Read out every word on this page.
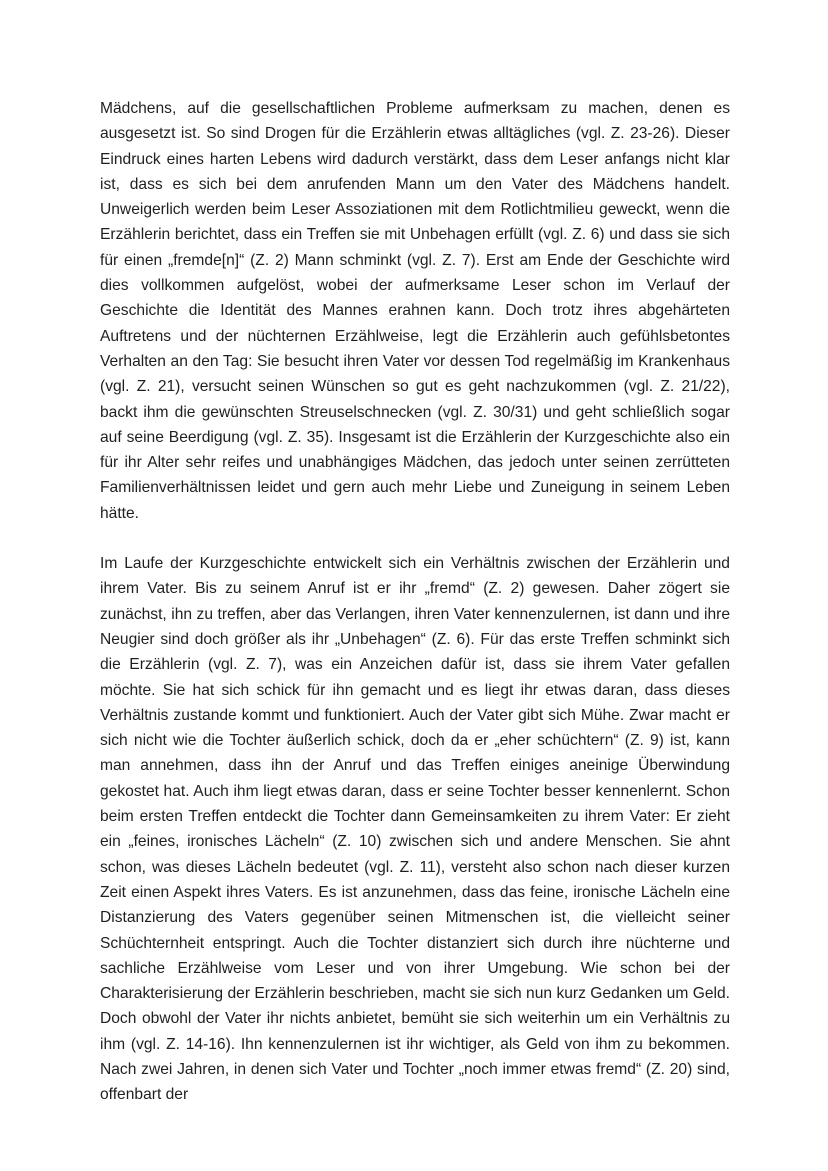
Mädchens, auf die gesellschaftlichen Probleme aufmerksam zu machen, denen es ausgesetzt ist. So sind Drogen für die Erzählerin etwas alltägliches (vgl. Z. 23-26). Dieser Eindruck eines harten Lebens wird dadurch verstärkt, dass dem Leser anfangs nicht klar ist, dass es sich bei dem anrufenden Mann um den Vater des Mädchens handelt. Unweigerlich werden beim Leser Assoziationen mit dem Rotlichtmilieu geweckt, wenn die Erzählerin berichtet, dass ein Treffen sie mit Unbehagen erfüllt (vgl. Z. 6) und dass sie sich für einen „fremde[n]“ (Z. 2) Mann schminkt (vgl. Z. 7). Erst am Ende der Geschichte wird dies vollkommen aufgelöst, wobei der aufmerksame Leser schon im Verlauf der Geschichte die Identität des Mannes erahnen kann. Doch trotz ihres abgehärteten Auftretens und der nüchternen Erzählweise, legt die Erzählerin auch gefühlsbetontes Verhalten an den Tag: Sie besucht ihren Vater vor dessen Tod regelmäßig im Krankenhaus (vgl. Z. 21), versucht seinen Wünschen so gut es geht nachzukommen (vgl. Z. 21/22), backt ihm die gewünschten Streuselschnecken (vgl. Z. 30/31) und geht schließlich sogar auf seine Beerdigung (vgl. Z. 35). Insgesamt ist die Erzählerin der Kurzgeschichte also ein für ihr Alter sehr reifes und unabhängiges Mädchen, das jedoch unter seinen zerrütteten Familienverhältnissen leidet und gern auch mehr Liebe und Zuneigung in seinem Leben hätte.

Im Laufe der Kurzgeschichte entwickelt sich ein Verhältnis zwischen der Erzählerin und ihrem Vater. Bis zu seinem Anruf ist er ihr „fremd“ (Z. 2) gewesen. Daher zögert sie zunächst, ihn zu treffen, aber das Verlangen, ihren Vater kennenzulernen, ist dann und ihre Neugier sind doch größer als ihr „Unbehagen“ (Z. 6). Für das erste Treffen schminkt sich die Erzählerin (vgl. Z. 7), was ein Anzeichen dafür ist, dass sie ihrem Vater gefallen möchte. Sie hat sich schick für ihn gemacht und es liegt ihr etwas daran, dass dieses Verhältnis zustande kommt und funktioniert. Auch der Vater gibt sich Mühe. Zwar macht er sich nicht wie die Tochter äußerlich schick, doch da er „eher schüchtern“ (Z. 9) ist, kann man annehmen, dass ihn der Anruf und das Treffen einiges aneinige Überwindung gekostet hat. Auch ihm liegt etwas daran, dass er seine Tochter besser kennenlernt. Schon beim ersten Treffen entdeckt die Tochter dann Gemeinsamkeiten zu ihrem Vater: Er zieht ein „feines, ironisches Lächeln“ (Z. 10) zwischen sich und andere Menschen. Sie ahnt schon, was dieses Lächeln bedeutet (vgl. Z. 11), versteht also schon nach dieser kurzen Zeit einen Aspekt ihres Vaters. Es ist anzunehmen, dass das feine, ironische Lächeln eine Distanzierung des Vaters gegenüber seinen Mitmenschen ist, die vielleicht seiner Schüchternheit entspringt. Auch die Tochter distanziert sich durch ihre nüchterne und sachliche Erzählweise vom Leser und von ihrer Umgebung. Wie schon bei der Charakterisierung der Erzählerin beschrieben, macht sie sich nun kurz Gedanken um Geld. Doch obwohl der Vater ihr nichts anbietet, bemüht sie sich weiterhin um ein Verhältnis zu ihm (vgl. Z. 14-16). Ihn kennenzulernen ist ihr wichtiger, als Geld von ihm zu bekommen. Nach zwei Jahren, in denen sich Vater und Tochter „noch immer etwas fremd“ (Z. 20) sind, offenbart der
